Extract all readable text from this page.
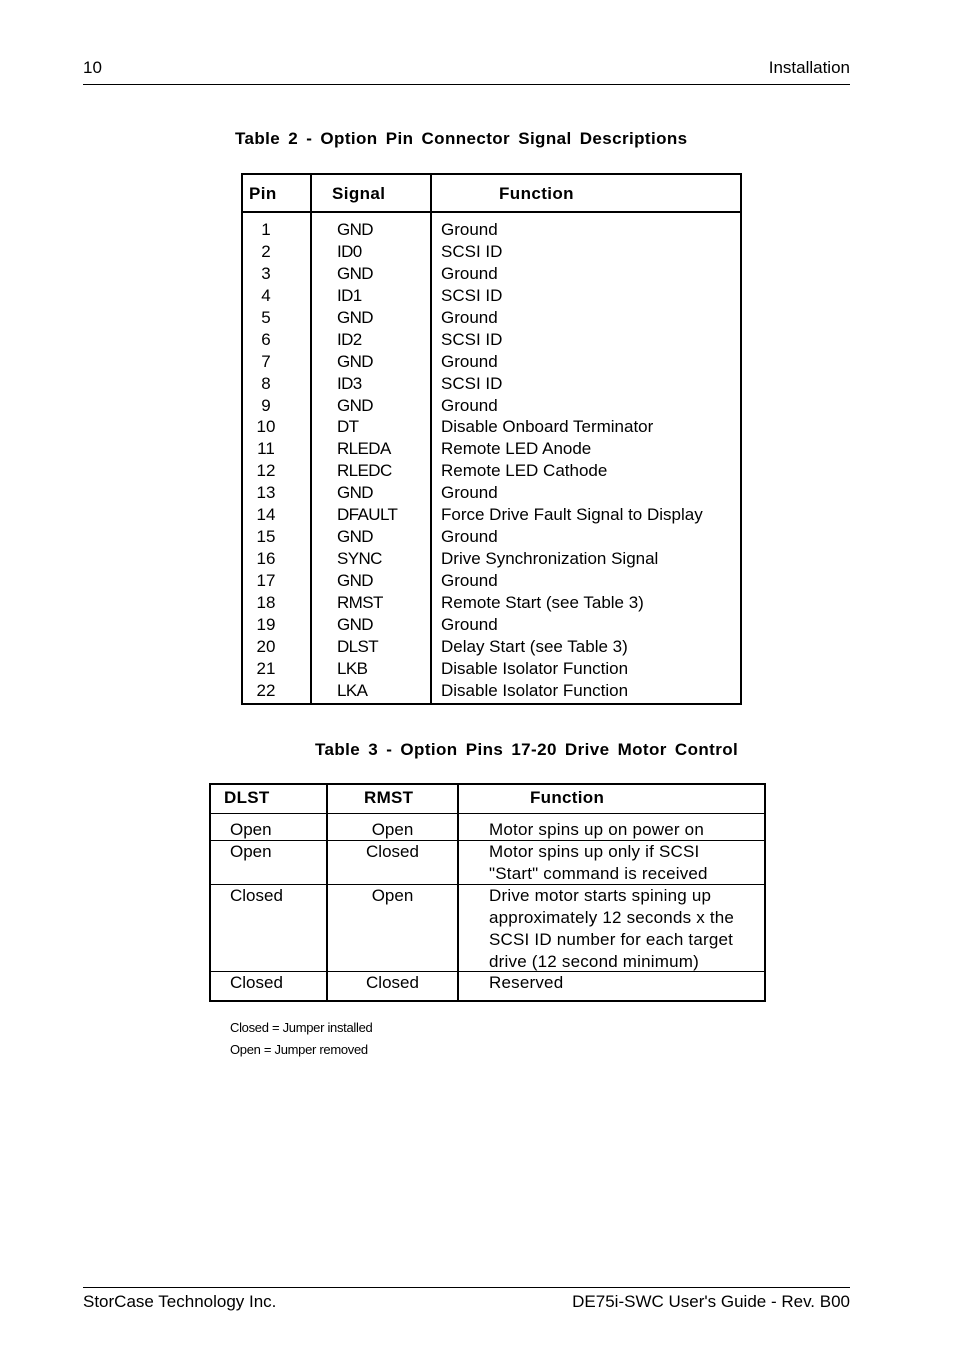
10	Installation
Table 2 - Option Pin Connector Signal Descriptions
Pin	Signal	Function
1	GND	Ground
2	ID0	SCSI ID
3	GND	Ground
4	ID1	SCSI ID
5	GND	Ground
6	ID2	SCSI ID
7	GND	Ground
8	ID3	SCSI ID
9	GND	Ground
10	DT	Disable Onboard Terminator
11	RLEDA	Remote LED Anode
12	RLEDC	Remote LED Cathode
13	GND	Ground
14	DFAULT	Force Drive Fault Signal to Display
15	GND	Ground
16	SYNC	Drive Synchronization Signal
17	GND	Ground
18	RMST	Remote Start (see Table 3)
19	GND	Ground
20	DLST	Delay Start (see Table 3)
21	LKB	Disable Isolator Function
22	LKA	Disable Isolator Function
Table 3 - Option Pins 17-20 Drive Motor Control
DLST	RMST	Function
Open	Open	Motor spins up on power on
Open	Closed	Motor spins up only if SCSI
"Start" command is received
Closed	Open	Drive motor starts spining up
approximately 12 seconds x the
SCSI ID number for each target
drive (12 second minimum)
Closed	Closed	Reserved
Closed = Jumper installed
Open = Jumper removed
StorCase Technology Inc.	DE75i-SWC User's Guide - Rev. B00
